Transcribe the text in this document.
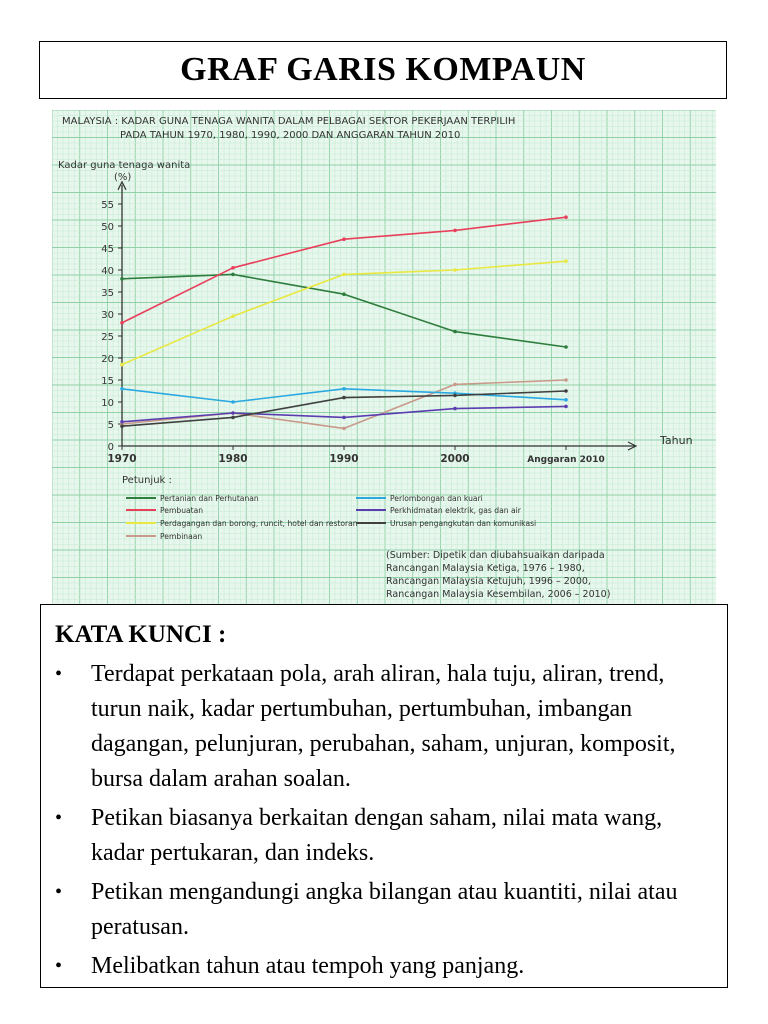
GRAF GARIS KOMPAUN
MALAYSIA : KADAR GUNA TENAGA WANITA DALAM PELBAGAI SEKTOR PEKERJAAN TERPILIH
PADA TAHUN 1970, 1980, 1990, 2000 DAN ANGGARAN TAHUN 2010
Kadar guna tenaga wanita
(%)
Tahun
0
5
10
15
20
25
30
35
40
45
50
55
1970	1980	1990	2000	Anggaran 2010
Petunjuk :
Pertanian dan Perhutanan
Pembuatan
Perdagangan dan borong, runcit, hotel dan restoran
Pembinaan
Perlombongan dan kuari
Perkhidmatan elektrik, gas dan air
Urusan pengangkutan dan komunikasi
(Sumber: Dipetik dan diubahsuaikan daripada
Rancangan Malaysia Ketiga, 1976 – 1980,
Rancangan Malaysia Ketujuh, 1996 – 2000,
Rancangan Malaysia Kesembilan, 2006 – 2010)
KATA KUNCI :
• Terdapat perkataan pola, arah aliran, hala tuju, aliran, trend, turun naik, kadar pertumbuhan, pertumbuhan, imbangan dagangan, pelunjuran, perubahan, saham, unjuran, komposit, bursa dalam arahan soalan.
• Petikan biasanya berkaitan dengan saham, nilai mata wang, kadar pertukaran, dan indeks.
• Petikan mengandungi angka bilangan atau kuantiti, nilai atau peratusan.
• Melibatkan tahun atau tempoh yang panjang.
